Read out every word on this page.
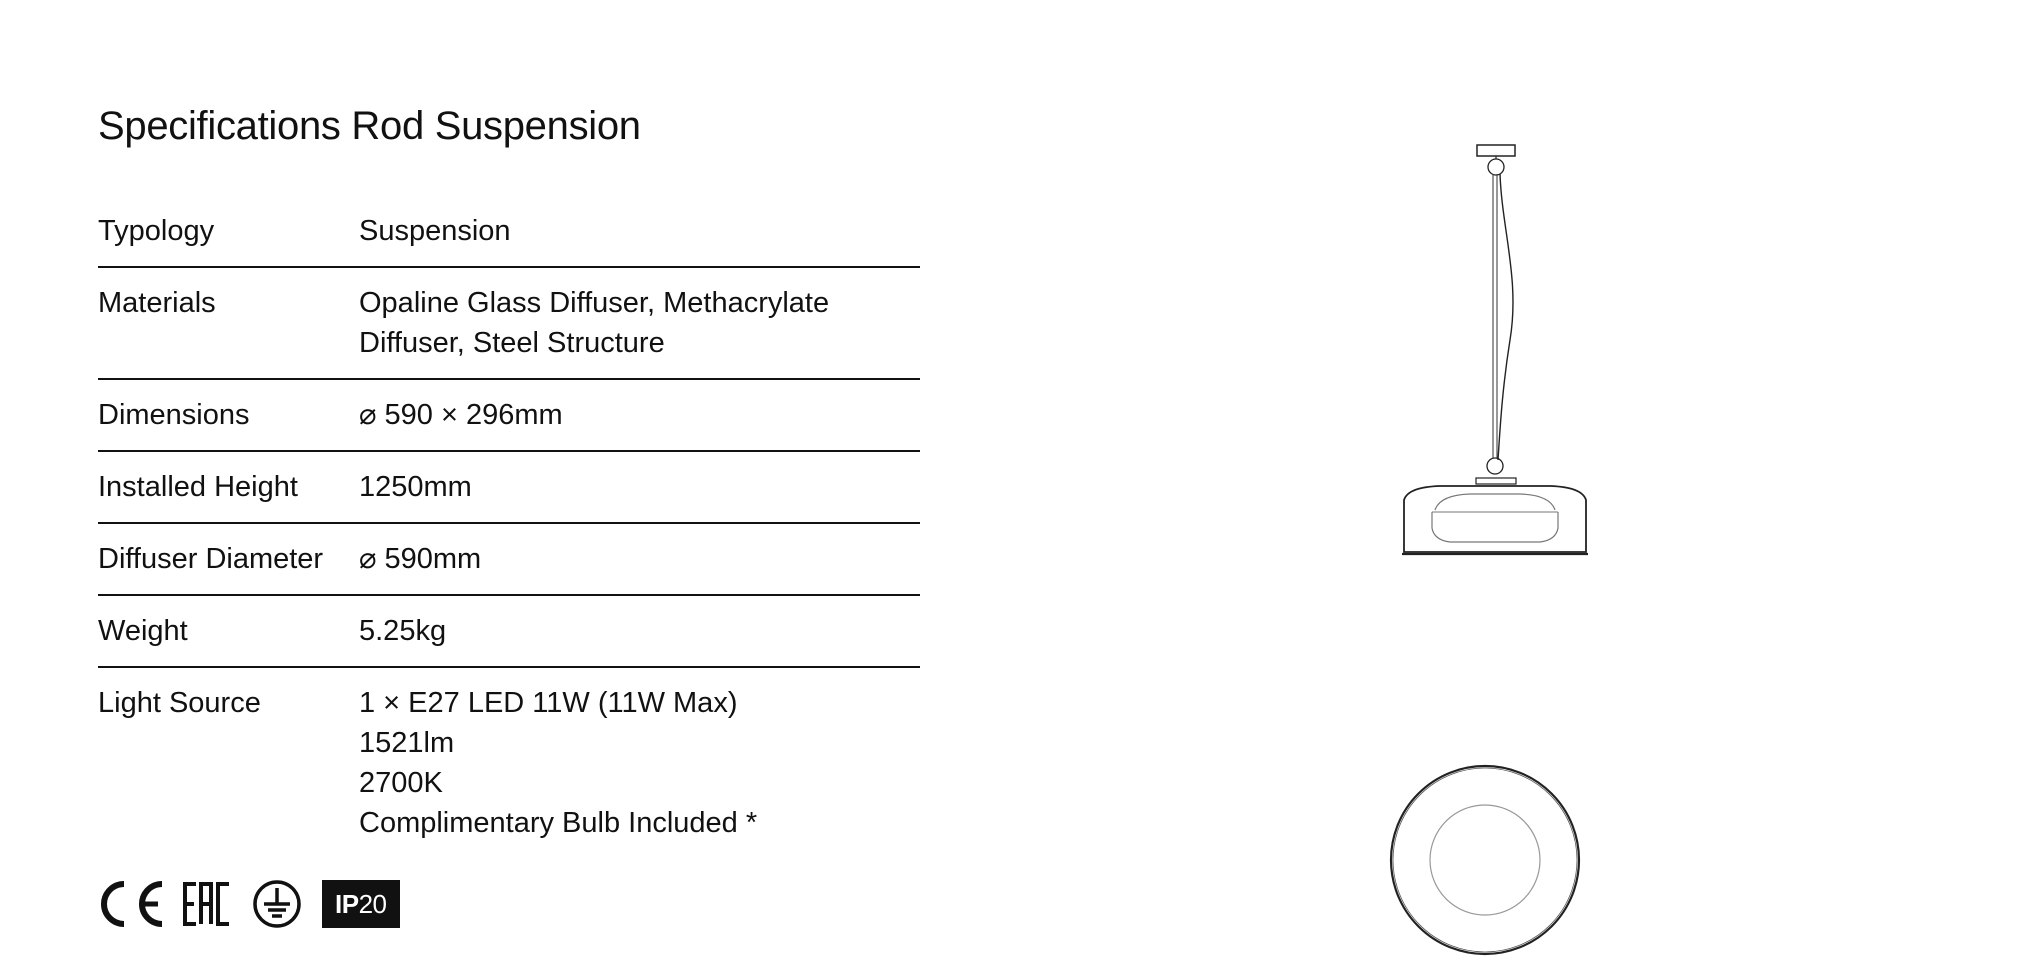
Specifications Rod Suspension
Typology	Suspension
Materials	Opaline Glass Diffuser, Methacrylate
Diffuser, Steel Structure
Dimensions	⌀ 590 × 296mm
Installed Height	1250mm
Diffuser Diameter	⌀ 590mm
Weight	5.25kg
Light Source	1 × E27 LED 11W (11W Max)
1521lm
2700K
Complimentary Bulb Included *
IP20
